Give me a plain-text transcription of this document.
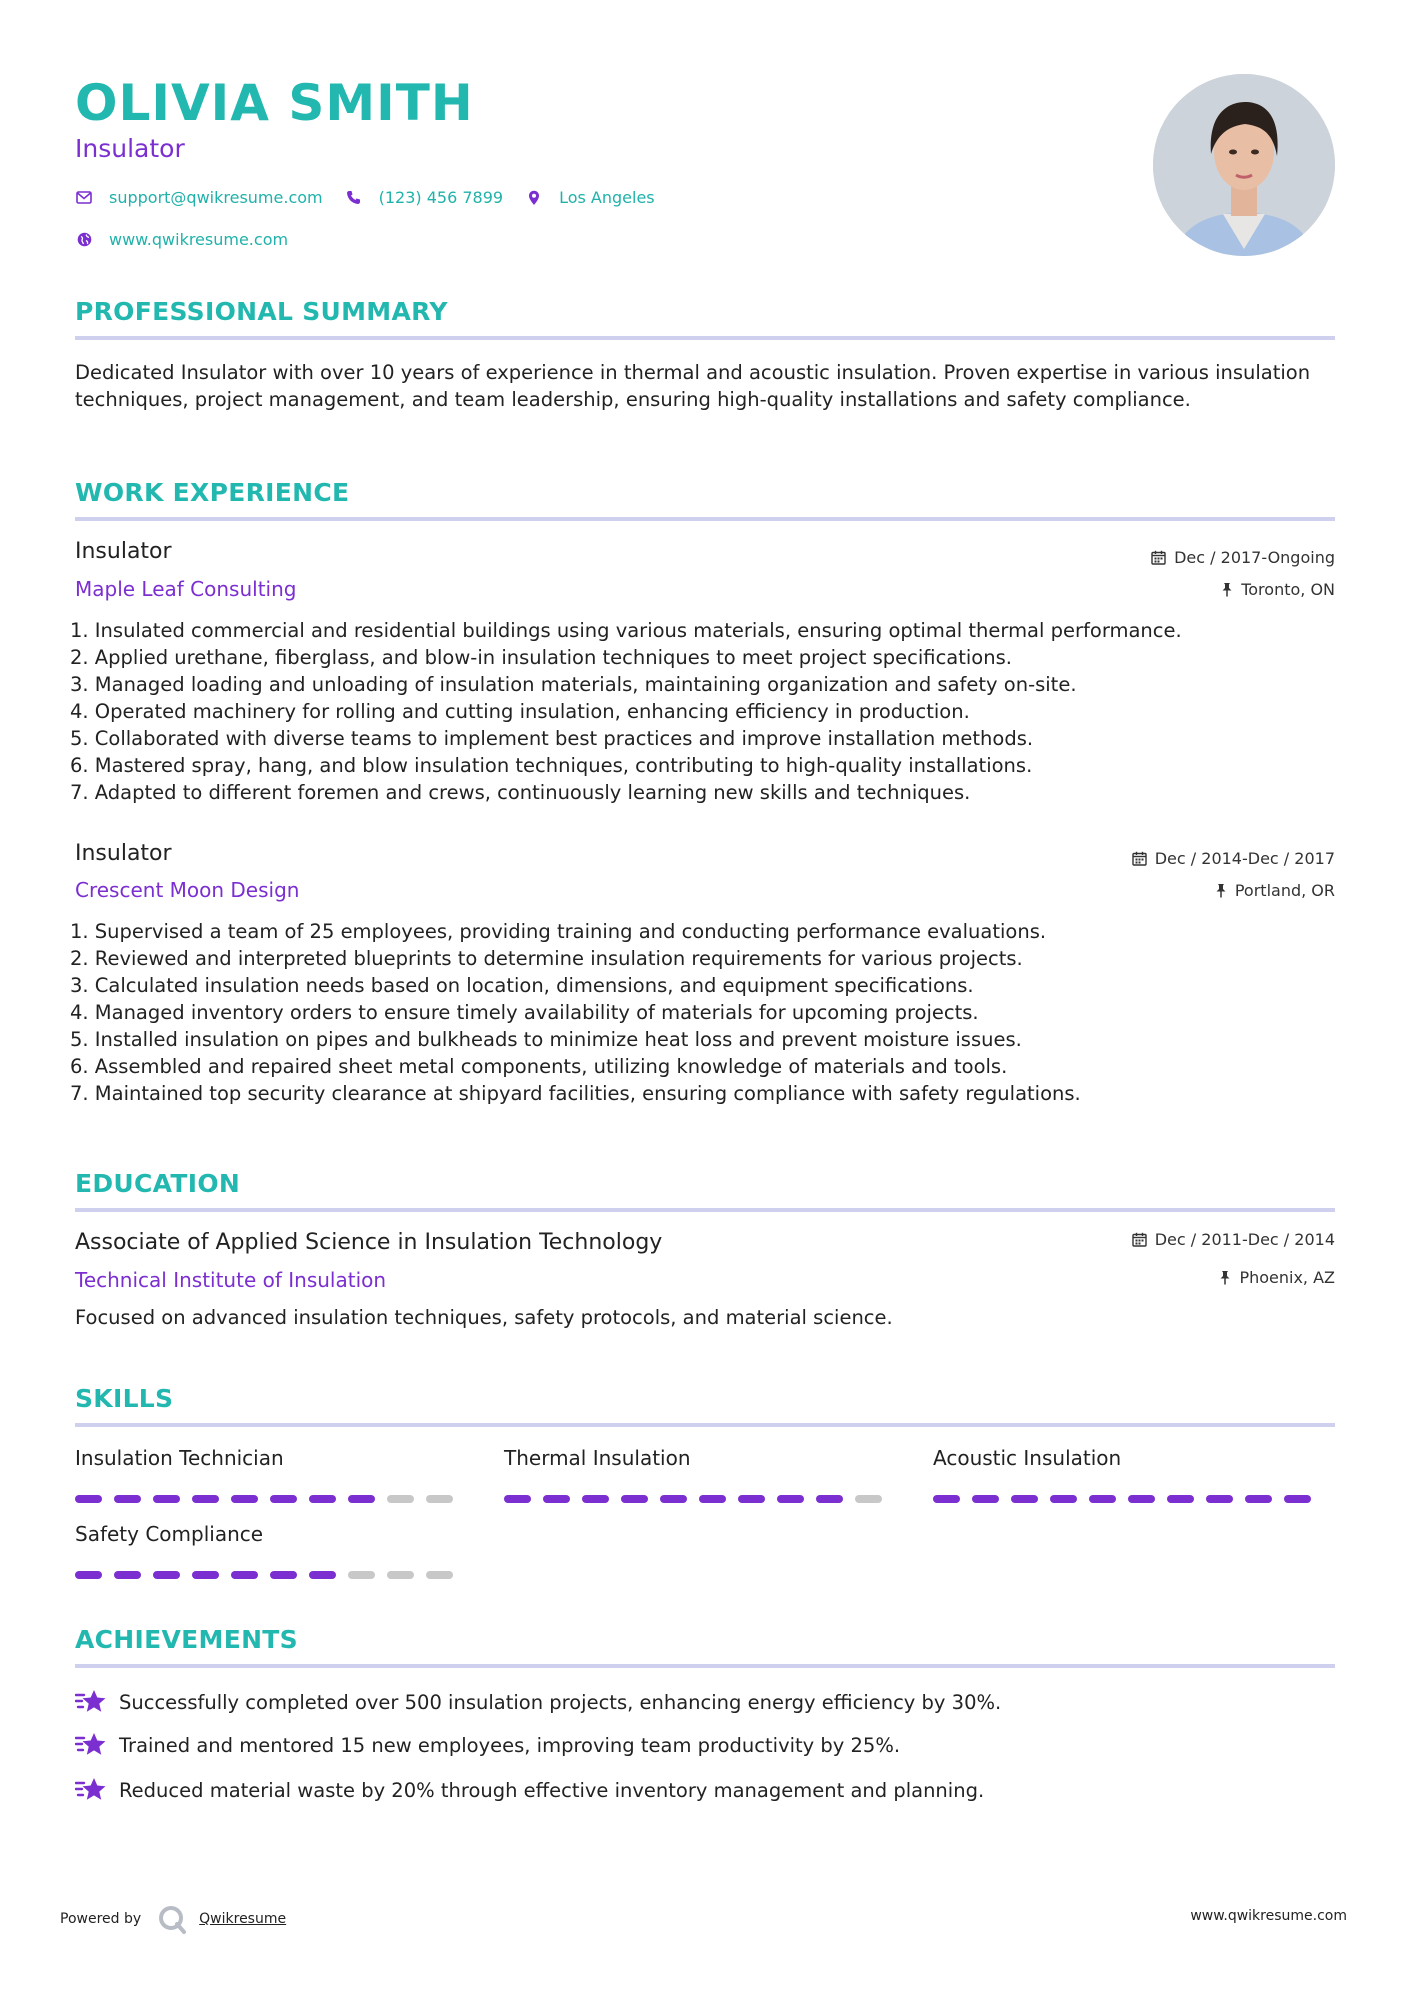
OLIVIA SMITH
Insulator
support@qwikresume.com	(123) 456 7899	Los Angeles
www.qwikresume.com
PROFESSIONAL SUMMARY
Dedicated Insulator with over 10 years of experience in thermal and acoustic insulation. Proven expertise in various insulation techniques, project management, and team leadership, ensuring high-quality installations and safety compliance.
WORK EXPERIENCE
Insulator
Maple Leaf Consulting
Dec / 2017-Ongoing
Toronto, ON
1. Insulated commercial and residential buildings using various materials, ensuring optimal thermal performance.
2. Applied urethane, fiberglass, and blow-in insulation techniques to meet project specifications.
3. Managed loading and unloading of insulation materials, maintaining organization and safety on-site.
4. Operated machinery for rolling and cutting insulation, enhancing efficiency in production.
5. Collaborated with diverse teams to implement best practices and improve installation methods.
6. Mastered spray, hang, and blow insulation techniques, contributing to high-quality installations.
7. Adapted to different foremen and crews, continuously learning new skills and techniques.
Insulator
Crescent Moon Design
Dec / 2014-Dec / 2017
Portland, OR
1. Supervised a team of 25 employees, providing training and conducting performance evaluations.
2. Reviewed and interpreted blueprints to determine insulation requirements for various projects.
3. Calculated insulation needs based on location, dimensions, and equipment specifications.
4. Managed inventory orders to ensure timely availability of materials for upcoming projects.
5. Installed insulation on pipes and bulkheads to minimize heat loss and prevent moisture issues.
6. Assembled and repaired sheet metal components, utilizing knowledge of materials and tools.
7. Maintained top security clearance at shipyard facilities, ensuring compliance with safety regulations.
EDUCATION
Associate of Applied Science in Insulation Technology
Technical Institute of Insulation
Dec / 2011-Dec / 2014
Phoenix, AZ
Focused on advanced insulation techniques, safety protocols, and material science.
SKILLS
Insulation Technician	Thermal Insulation	Acoustic Insulation
Safety Compliance
ACHIEVEMENTS
Successfully completed over 500 insulation projects, enhancing energy efficiency by 30%.
Trained and mentored 15 new employees, improving team productivity by 25%.
Reduced material waste by 20% through effective inventory management and planning.
Powered by	Qwikresume	www.qwikresume.com
